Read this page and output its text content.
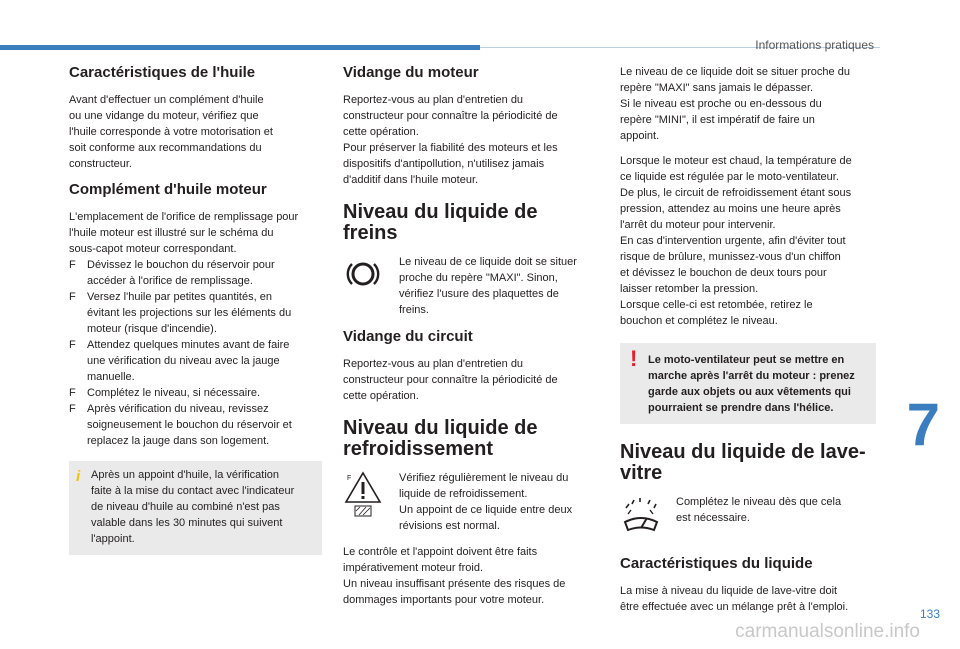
Informations pratiques
Caractéristiques de l'huile

Avant d'effectuer un complément d'huile
ou une vidange du moteur, vérifiez que
l'huile corresponde à votre motorisation et
soit conforme aux recommandations du
constructeur.

Complément d'huile moteur

L'emplacement de l'orifice de remplissage pour
l'huile moteur est illustré sur le schéma du
sous-capot moteur correspondant.

F Dévissez le bouchon du réservoir pour
accéder à l'orifice de remplissage.
F Versez l'huile par petites quantités, en
évitant les projections sur les éléments du
moteur (risque d'incendie).
F Attendez quelques minutes avant de faire
une vérification du niveau avec la jauge
manuelle.
F Complétez le niveau, si nécessaire.
F Après vérification du niveau, revissez
soigneusement le bouchon du réservoir et
replacez la jauge dans son logement.
i Après un appoint d'huile, la vérification
faite à la mise du contact avec l'indicateur
de niveau d'huile au combiné n'est pas
valable dans les 30 minutes qui suivent
l'appoint.
Vidange du moteur

Reportez-vous au plan d'entretien du
constructeur pour connaître la périodicité de
cette opération.
Pour préserver la fiabilité des moteurs et les
dispositifs d'antipollution, n'utilisez jamais
d'additif dans l'huile moteur.

Niveau du liquide de freins

Le niveau de ce liquide doit se situer
proche du repère "MAXI". Sinon,
vérifiez l'usure des plaquettes de
freins.

Vidange du circuit

Reportez-vous au plan d'entretien du
constructeur pour connaître la périodicité de
cette opération.

Niveau du liquide de
refroidissement
F	Vérifiez régulièrement le niveau du
liquide de refroidissement.
Un appoint de ce liquide entre deux
révisions est normal.

Le contrôle et l'appoint doivent être faits
impérativement moteur froid.
Un niveau insuffisant présente des risques de
dommages importants pour votre moteur.

Le niveau de ce liquide doit se situer proche du
repère "MAXI" sans jamais le dépasser.
Si le niveau est proche ou en-dessous du
repère "MINI", il est impératif de faire un
appoint.

Lorsque le moteur est chaud, la température de
ce liquide est régulée par le moto-ventilateur.
De plus, le circuit de refroidissement étant sous
pression, attendez au moins une heure après
l'arrêt du moteur pour intervenir.
En cas d'intervention urgente, afin d'éviter tout
risque de brûlure, munissez-vous d'un chiffon
et dévissez le bouchon de deux tours pour
laisser retomber la pression.
Lorsque celle-ci est retombée, retirez le
bouchon et complétez le niveau.

! Le moto-ventilateur peut se mettre en
marche après l'arrêt du moteur : prenez
garde aux objets ou aux vêtements qui
pourraient se prendre dans l'hélice.
Niveau du liquide de lave-
vitre

Complétez le niveau dès que cela
est nécessaire.

Caractéristiques du liquide

La mise à niveau du liquide de lave-vitre doit
être effectuée avec un mélange prêt à l'emploi.

7
133
carmanualsonline.info
